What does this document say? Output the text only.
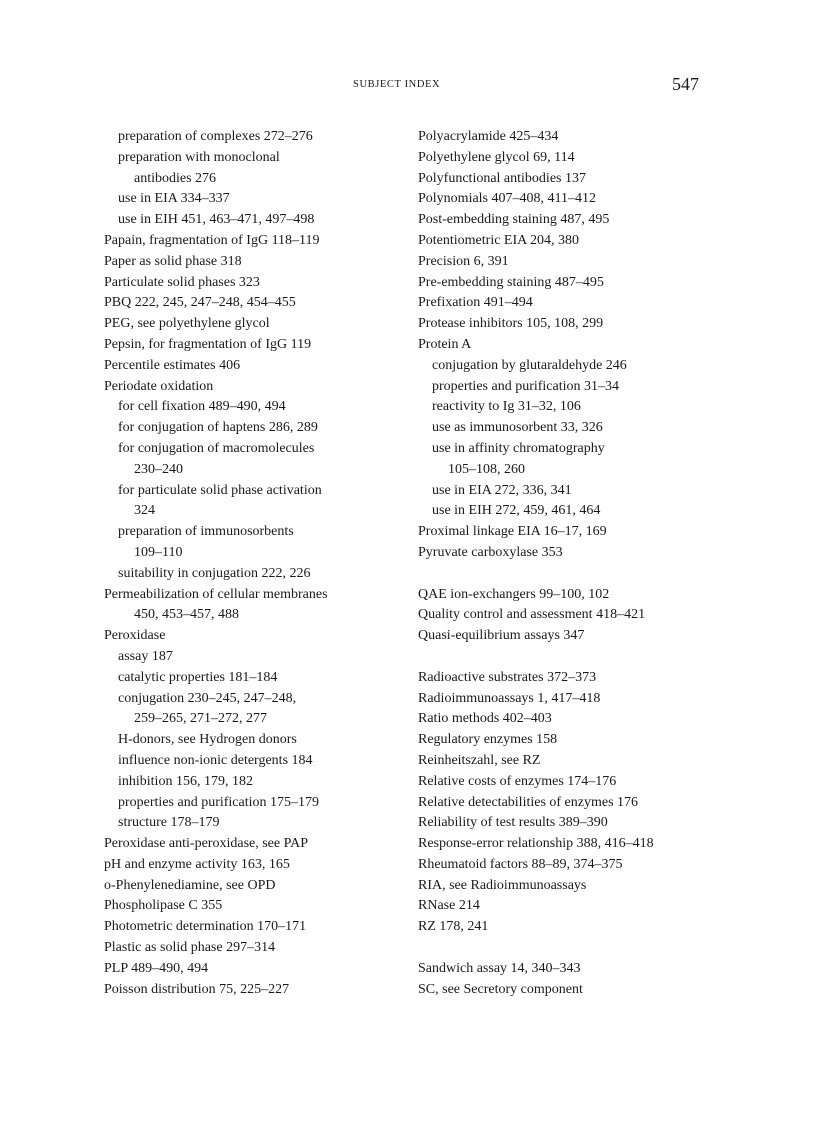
SUBJECT INDEX	547
preparation of complexes 272–276
preparation with monoclonal
antibodies 276
use in EIA 334–337
use in EIH 451, 463–471, 497–498
Papain, fragmentation of IgG 118–119
Paper as solid phase 318
Particulate solid phases 323
PBQ 222, 245, 247–248, 454–455
PEG, see polyethylene glycol
Pepsin, for fragmentation of IgG 119
Percentile estimates 406
Periodate oxidation
for cell fixation 489–490, 494
for conjugation of haptens 286, 289
for conjugation of macromolecules
230–240
for particulate solid phase activation
324
preparation of immunosorbents
109–110
suitability in conjugation 222, 226
Permeabilization of cellular membranes
450, 453–457, 488
Peroxidase
assay 187
catalytic properties 181–184
conjugation 230–245, 247–248,
259–265, 271–272, 277
H-donors, see Hydrogen donors
influence non-ionic detergents 184
inhibition 156, 179, 182
properties and purification 175–179
structure 178–179
Peroxidase anti-peroxidase, see PAP
pH and enzyme activity 163, 165
o-Phenylenediamine, see OPD
Phospholipase C 355
Photometric determination 170–171
Plastic as solid phase 297–314
PLP 489–490, 494
Poisson distribution 75, 225–227
Polyacrylamide 425–434
Polyethylene glycol 69, 114
Polyfunctional antibodies 137
Polynomials 407–408, 411–412
Post-embedding staining 487, 495
Potentiometric EIA 204, 380
Precision 6, 391
Pre-embedding staining 487–495
Prefixation 491–494
Protease inhibitors 105, 108, 299
Protein A
conjugation by glutaraldehyde 246
properties and purification 31–34
reactivity to Ig 31–32, 106
use as immunosorbent 33, 326
use in affinity chromatography
105–108, 260
use in EIA 272, 336, 341
use in EIH 272, 459, 461, 464
Proximal linkage EIA 16–17, 169
Pyruvate carboxylase 353
QAE ion-exchangers 99–100, 102
Quality control and assessment 418–421
Quasi-equilibrium assays 347
Radioactive substrates 372–373
Radioimmunoassays 1, 417–418
Ratio methods 402–403
Regulatory enzymes 158
Reinheitszahl, see RZ
Relative costs of enzymes 174–176
Relative detectabilities of enzymes 176
Reliability of test results 389–390
Response-error relationship 388, 416–418
Rheumatoid factors 88–89, 374–375
RIA, see Radioimmunoassays
RNase 214
RZ 178, 241
Sandwich assay 14, 340–343
SC, see Secretory component
